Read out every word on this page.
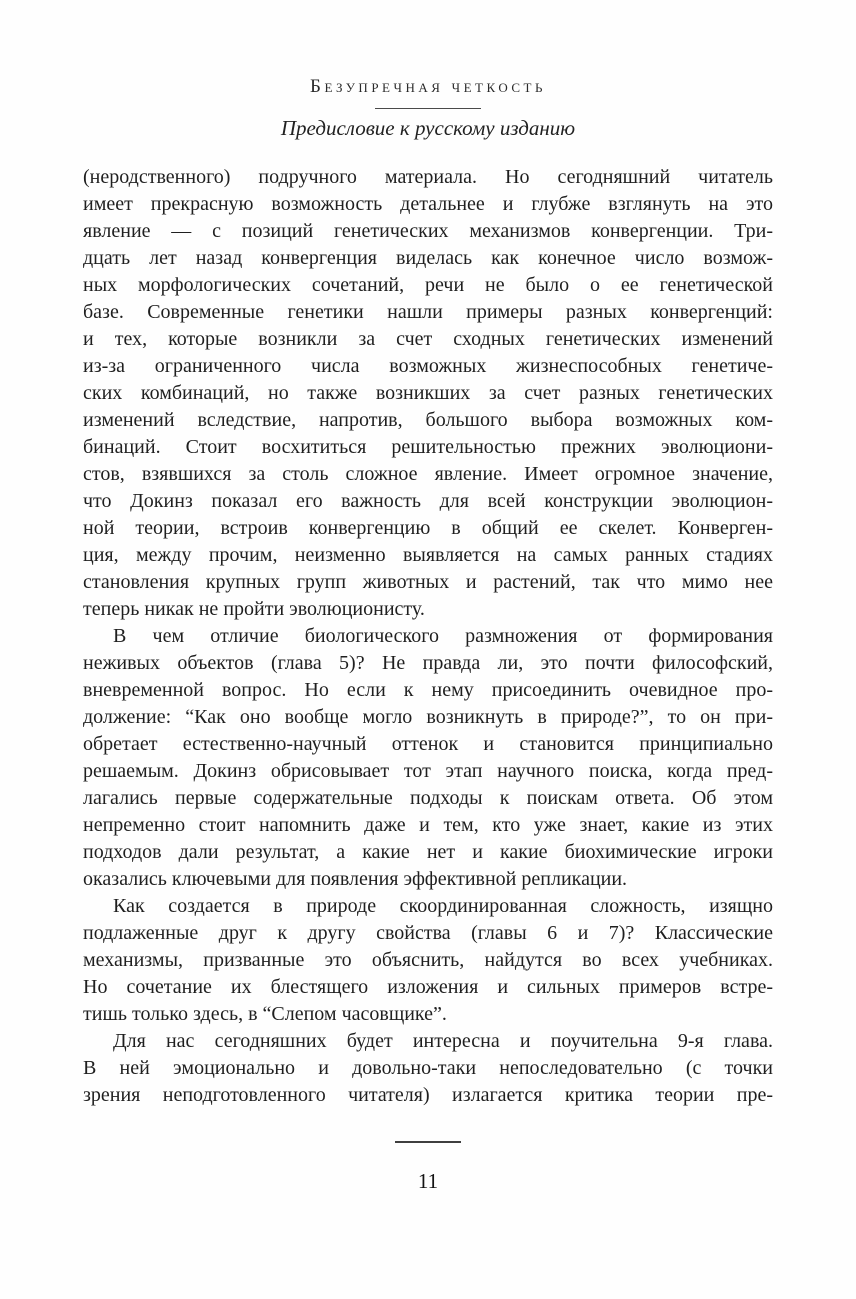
Безупречная четкость
Предисловие к русскому изданию
(неродственного) подручного материала. Но сегодняшний читатель
имеет прекрасную возможность детальнее и глубже взглянуть на это
явление — с позиций генетических механизмов конвергенции. Три-
дцать лет назад конвергенция виделась как конечное число возмож-
ных морфологических сочетаний, речи не было о ее генетической
базе. Современные генетики нашли примеры разных конвергенций:
и тех, которые возникли за счет сходных генетических изменений
из-за ограниченного числа возможных жизнеспособных генетиче-
ских комбинаций, но также возникших за счет разных генетических
изменений вследствие, напротив, большого выбора возможных ком-
бинаций. Стоит восхититься решительностью прежних эволюциони-
стов, взявшихся за столь сложное явление. Имеет огромное значение,
что Докинз показал его важность для всей конструкции эволюцион-
ной теории, встроив конвергенцию в общий ее скелет. Конверген-
ция, между прочим, неизменно выявляется на самых ранных стадиях
становления крупных групп животных и растений, так что мимо нее
теперь никак не пройти эволюционисту.
В чем отличие биологического размножения от формирования
неживых объектов (глава 5)? Не правда ли, это почти философский,
вневременной вопрос. Но если к нему присоединить очевидное про-
должение: “Как оно вообще могло возникнуть в природе?”, то он при-
обретает естественно-научный оттенок и становится принципиально
решаемым. Докинз обрисовывает тот этап научного поиска, когда пред-
лагались первые содержательные подходы к поискам ответа. Об этом
непременно стоит напомнить даже и тем, кто уже знает, какие из этих
подходов дали результат, а какие нет и какие биохимические игроки
оказались ключевыми для появления эффективной репликации.
Как создается в природе скоординированная сложность, изящно
подлаженные друг к другу свойства (главы 6 и 7)? Классические
механизмы, призванные это объяснить, найдутся во всех учебниках.
Но сочетание их блестящего изложения и сильных примеров встре-
тишь только здесь, в “Слепом часовщике”.
Для нас сегодняшних будет интересна и поучительна 9-я глава.
В ней эмоционально и довольно-таки непоследовательно (с точки
зрения неподготовленного читателя) излагается критика теории пре-
11
